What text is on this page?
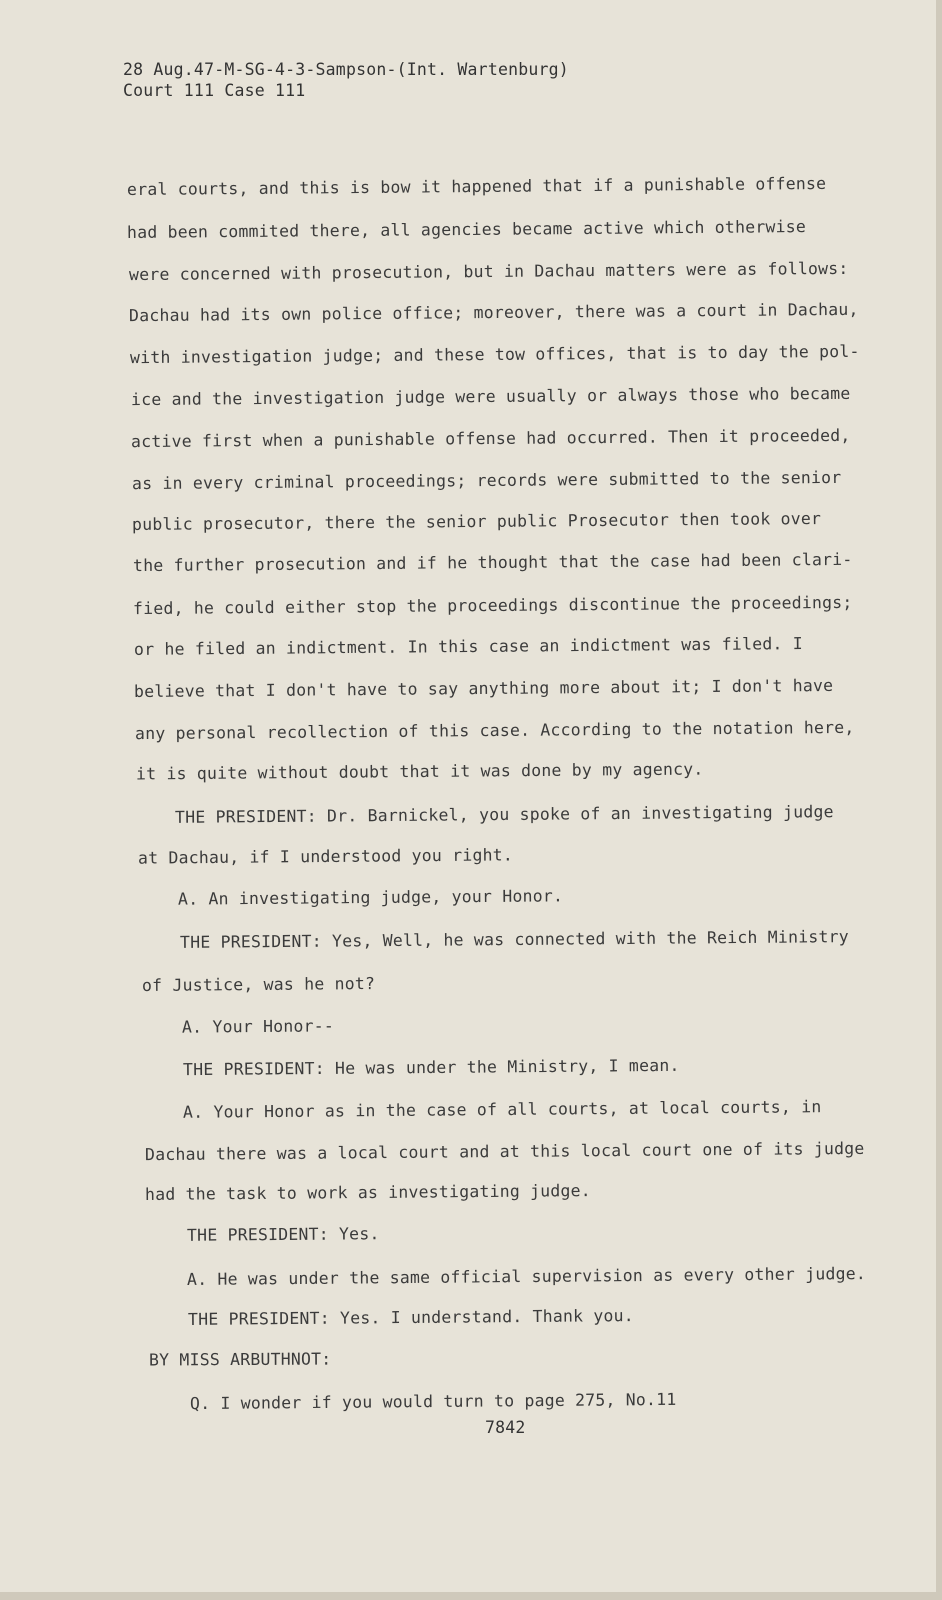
28 Aug.47-M-SG-4-3-Sampson-(Int. Wartenburg)
Court 111 Case 111
eral courts, and this is bow it happened that if a punishable offense
had been commited there, all agencies became active which otherwise
were concerned with prosecution, but in Dachau matters were as follows:
Dachau had its own police office; moreover, there was a court in Dachau,
with investigation judge; and these tow offices, that is to day the pol-
ice and the investigation judge were usually or always those who became
active first when a punishable offense had occurred. Then it proceeded,
as in every criminal proceedings; records were submitted to the senior
public prosecutor, there the senior public Prosecutor then took over
the further prosecution and if he thought that the case had been clari-
fied, he could either stop the proceedings discontinue the proceedings;
or he filed an indictment. In this case an indictment was filed. I
believe that I don't have to say anything more about it; I don't have
any personal recollection of this case. According to the notation here,
it is quite without doubt that it was done by my agency.
THE PRESIDENT: Dr. Barnickel, you spoke of an investigating judge
at Dachau, if I understood you right.
A. An investigating judge, your Honor.
THE PRESIDENT: Yes, Well, he was connected with the Reich Ministry
of Justice, was he not?
A. Your Honor--
THE PRESIDENT: He was under the Ministry, I mean.
A. Your Honor as in the case of all courts, at local courts, in
Dachau there was a local court and at this local court one of its judge
had the task to work as investigating judge.
THE PRESIDENT: Yes.
A. He was under the same official supervision as every other judge.
THE PRESIDENT: Yes. I understand. Thank you.
BY MISS ARBUTHNOT:
Q. I wonder if you would turn to page 275, No.11
7842
